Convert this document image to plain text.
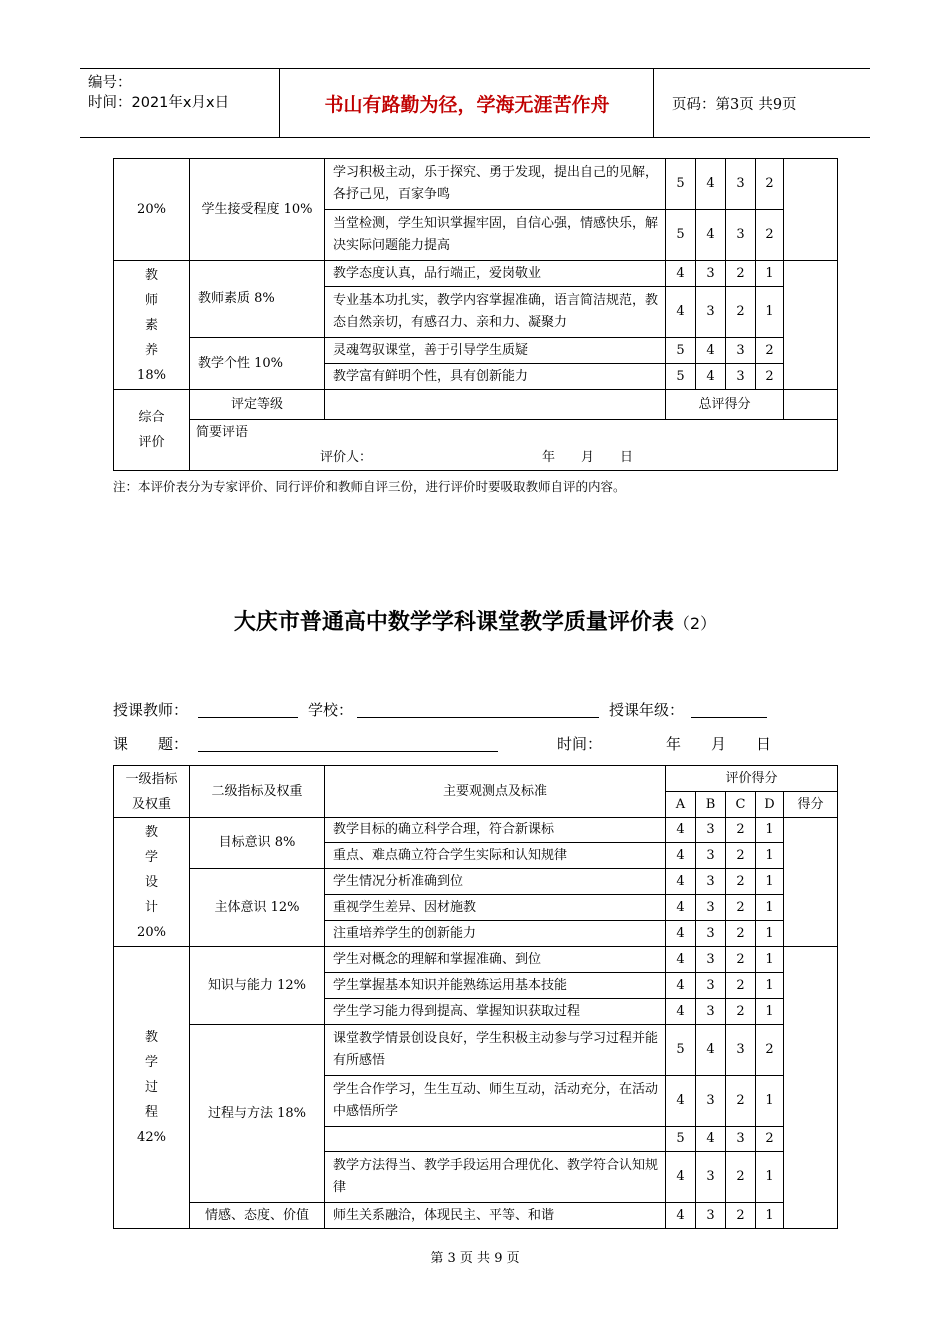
编号：
时间：2021年x月x日	书山有路勤为径，学海无涯苦作舟	页码：第3页 共9页
20%	学生接受程度 10%	学习积极主动，乐于探究、勇于发现，提出自己的见解，各抒己见，百家争鸣	5	4	3	2	
		当堂检测，学生知识掌握牢固，自信心强，情感快乐，解决实际问题能力提高	5	4	3	2	

教
师
素
养
18%	教师素质 8%	教学态度认真，品行端正，爱岗敬业	4	3	2	1	
		专业基本功扎实，教学内容掌握准确，语言简洁规范，教态自然亲切，有感召力、亲和力、凝聚力	4	3	2	1	
	教学个性 10%	灵魂驾驭课堂，善于引导学生质疑	5	4	3	2	
		教学富有鲜明个性，具有创新能力	5	4	3	2	

综合
评价	评定等级		总评得分				

	简要评语
评价人： 年　　月　　日						
注：本评价表分为专家评价、同行评价和教师自评三份，进行评价时要吸取教师自评的内容。
大庆市普通高中数学学科课堂教学质量评价表（2）
授课教师：	学校：	授课年级：
课　　题：	时间：	年　　月　　日
一级指标
及权重	二级指标及权重	主要观测点及标准	评价得分				
			A	B	C	D	得分

教
学
设
计
20%	目标意识 8%	教学目标的确立科学合理，符合新课标	4	3	2	1	
		重点、难点确立符合学生实际和认知规律	4	3	2	1	
	主体意识 12%	学生情况分析准确到位	4	3	2	1	
		重视学生差异、因材施教	4	3	2	1	
		注重培养学生的创新能力	4	3	2	1	

教
学
过
程
42%	知识与能力 12%	学生对概念的理解和掌握准确、到位	4	3	2	1	
		学生掌握基本知识并能熟练运用基本技能	4	3	2	1	
		学生学习能力得到提高、掌握知识获取过程	4	3	2	1	
	过程与方法 18%	课堂教学情景创设良好，学生积极主动参与学习过程并能有所感悟	5	4	3	2	
		学生合作学习，生生互动、师生互动，活动充分，在活动中感悟所学	4	3	2	1	
			5	4	3	2	
		教学方法得当、教学手段运用合理优化、教学符合认知规律	4	3	2	1	
	情感、态度、价值	师生关系融洽，体现民主、平等、和谐	4	3	2	1	
第 3 页 共 9 页
